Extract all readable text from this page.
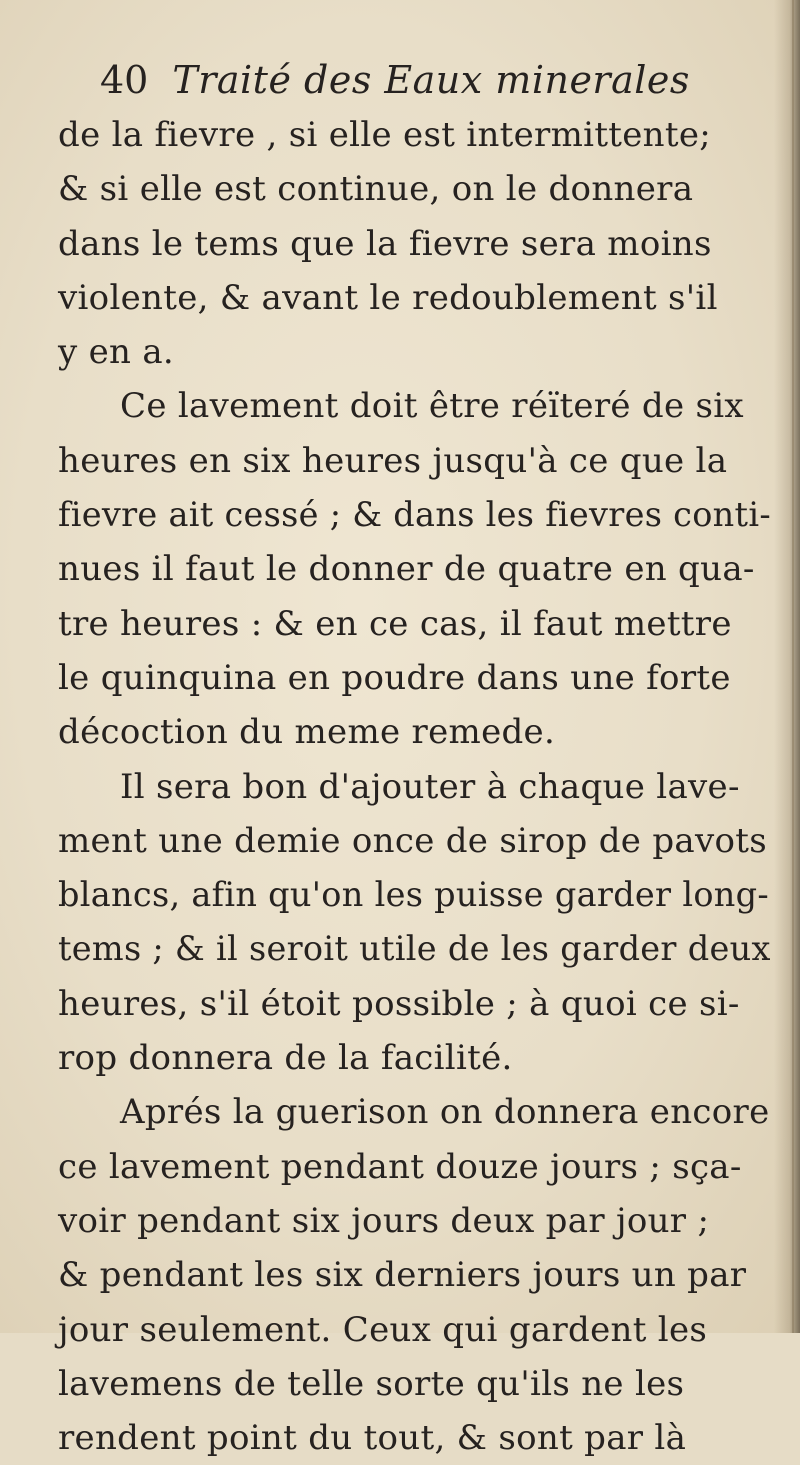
40 Traité des Eaux minerales
de la fievre , si elle est intermittente;
& si elle est continue, on le donnera
dans le tems que la fievre sera moins
violente, & avant le redoublement s'il
y en a.
Ce lavement doit être réïteré de six
heures en six heures jusqu'à ce que la
fievre ait cessé ; & dans les fievres conti-
nues il faut le donner de quatre en qua-
tre heures : & en ce cas, il faut mettre
le quinquina en poudre dans une forte
décoction du meme remede.
Il sera bon d'ajouter à chaque lave-
ment une demie once de sirop de pavots
blancs, afin qu'on les puisse garder long-
tems ; & il seroit utile de les garder deux
heures, s'il étoit possible ; à quoi ce si-
rop donnera de la facilité.
Aprés la guerison on donnera encore
ce lavement pendant douze jours ; sça-
voir pendant six jours deux par jour ;
& pendant les six derniers jours un par
jour seulement. Ceux qui gardent les
lavemens de telle sorte qu'ils ne les
rendent point du tout, & sont par là
